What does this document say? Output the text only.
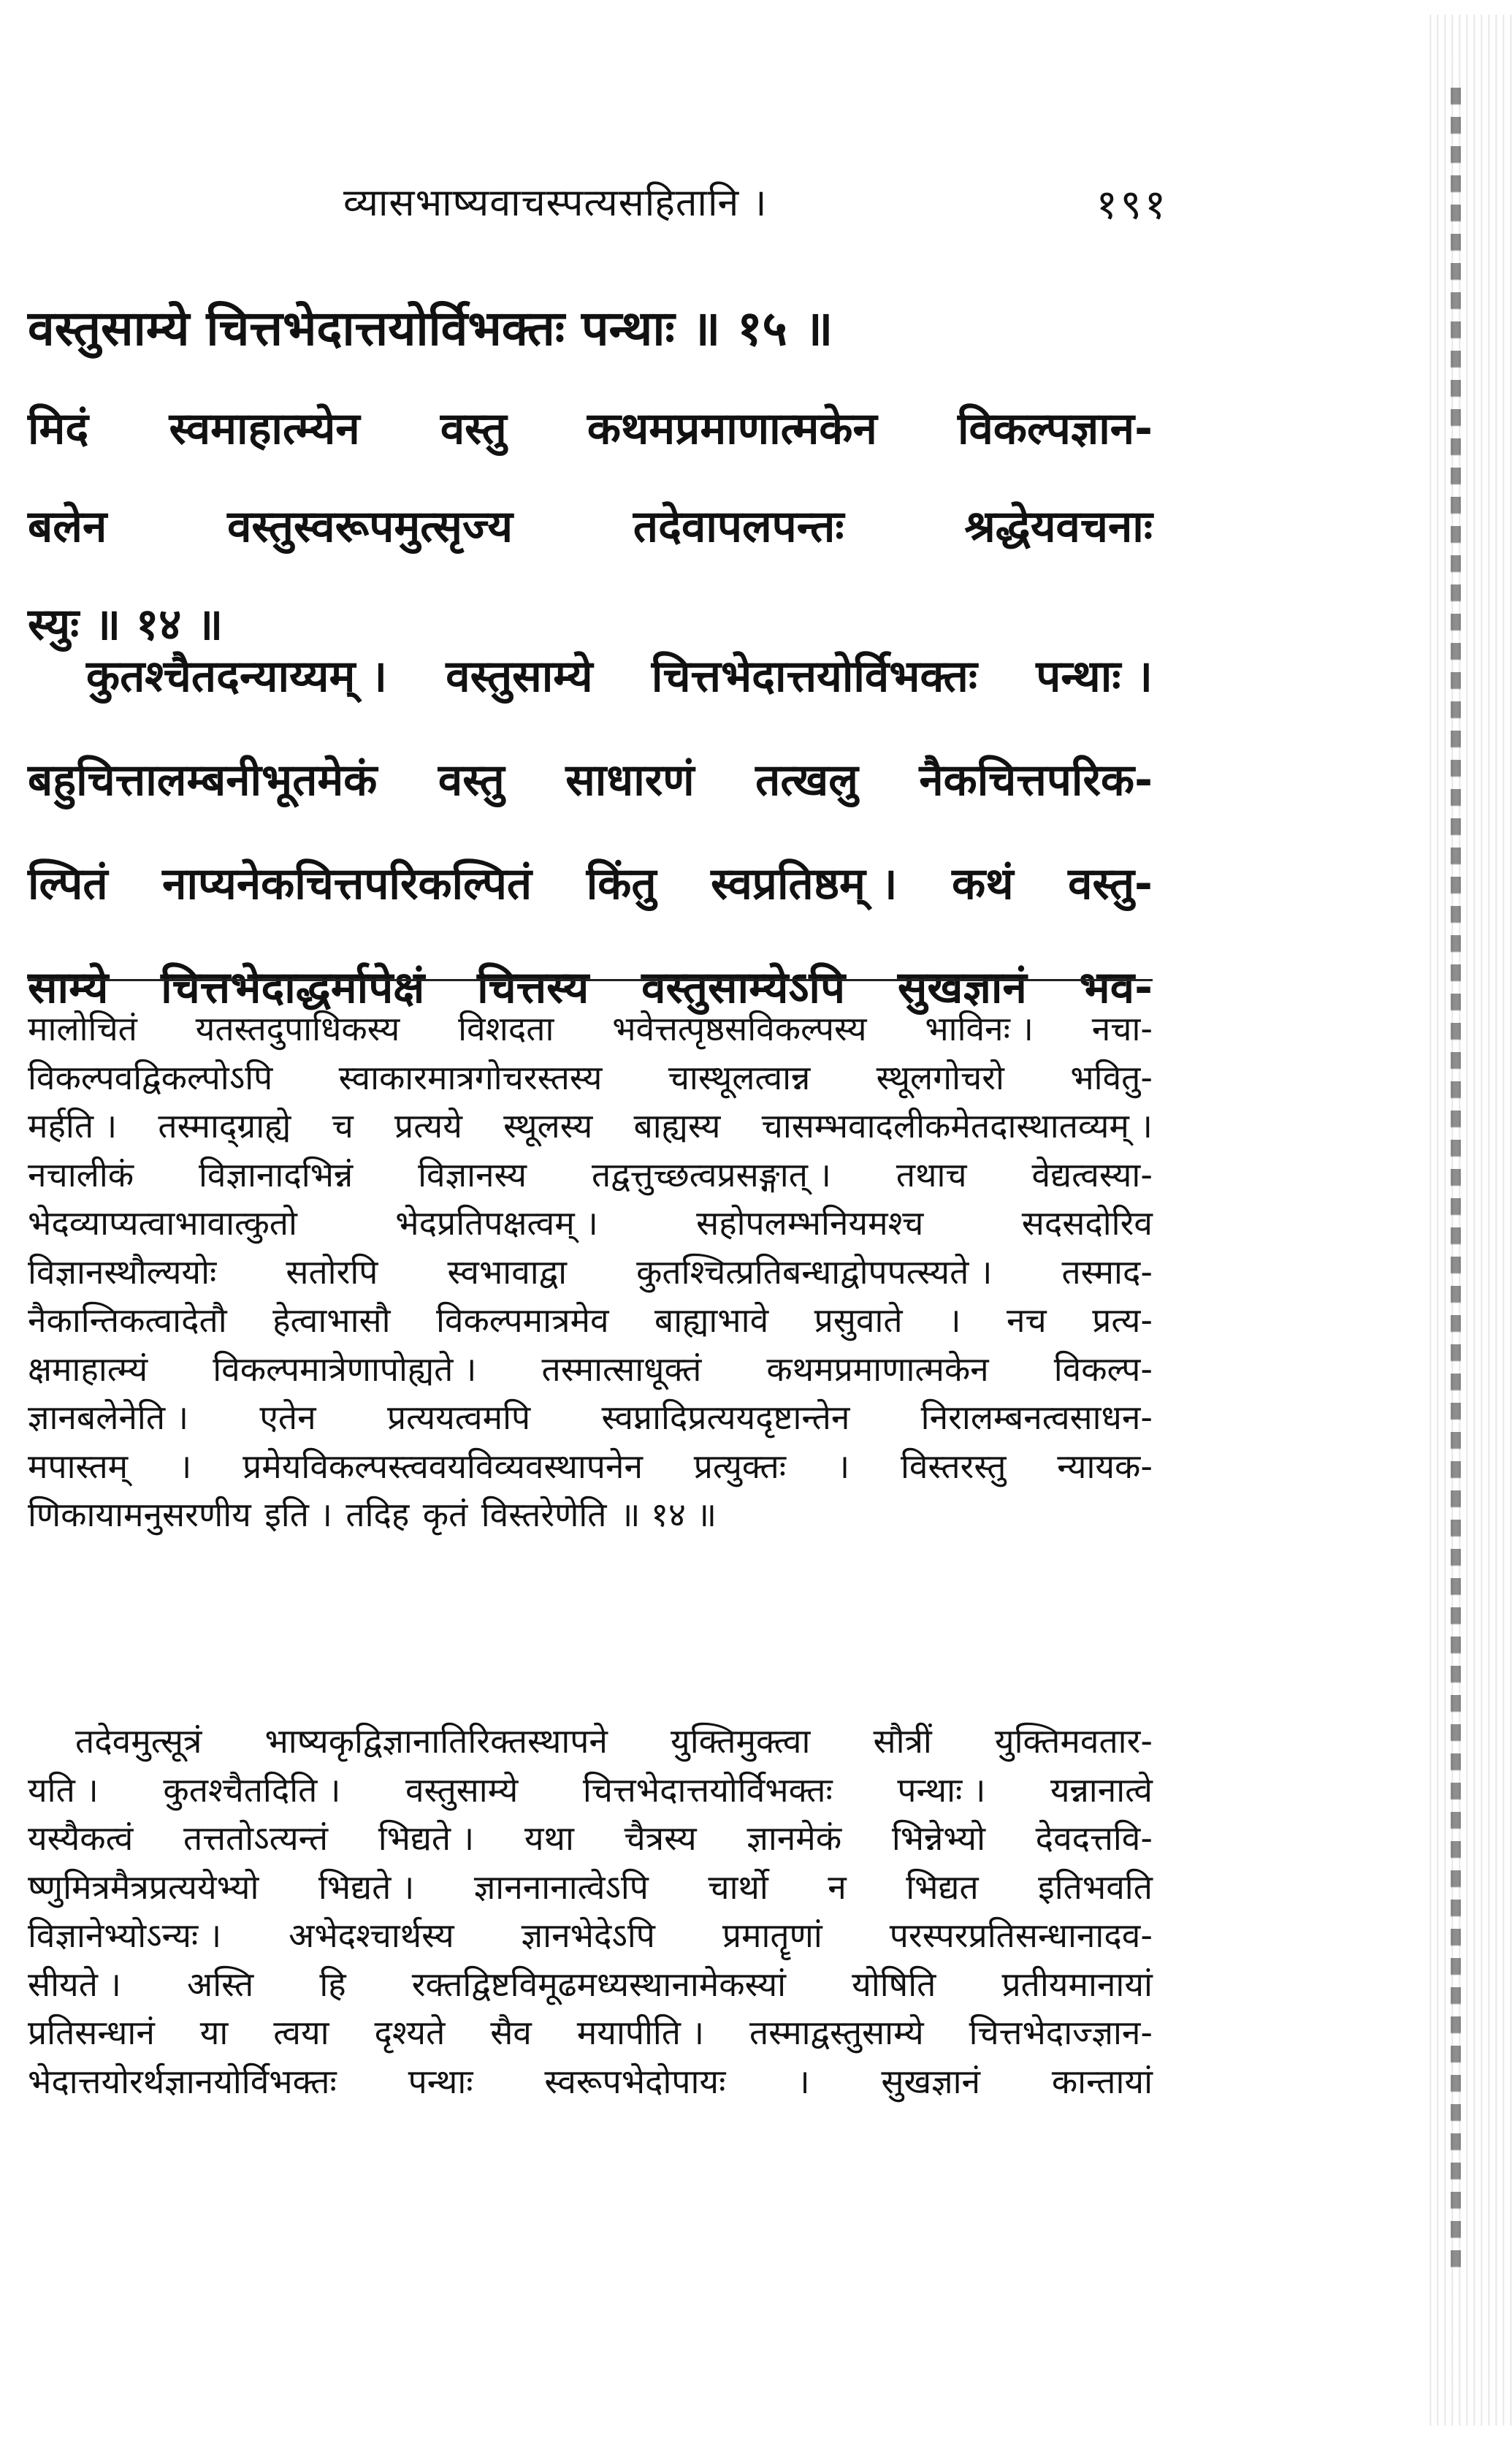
व्यासभाष्यवाचस्पत्यसहितानि ।	१९१
वस्तुसाम्ये चित्तभेदात्तयोर्विभक्तः पन्थाः ॥ १५ ॥
मिदं स्वमाहात्म्येन वस्तु कथमप्रमाणात्मकेन विकल्पज्ञान-
बलेन	वस्तुस्वरूपमुत्सृज्य	तदेवापलपन्तः	श्रद्धेयवचनाः
स्युः ॥ १४ ॥
कुतश्चैतदन्याय्यम् । वस्तुसाम्ये चित्तभेदात्तयोर्विभक्तः पन्थाः ।
बहुचित्तालम्बनीभूतमेकं वस्तु साधारणं तत्खलु नैकचित्तपरिक-
ल्पितं नाप्यनेकचित्तपरिकल्पितं किंतु स्वप्रतिष्ठम् । कथं वस्तु-
साम्ये चित्तभेदाद्धर्मापेक्षं चित्तस्य वस्तुसाम्येऽपि सुखज्ञानं भव-
मालोचितं यतस्तदुपाधिकस्य विशदता भवेत्तत्पृष्ठसविकल्पस्य भाविनः । नचा-
विकल्पवद्विकल्पोऽपि स्वाकारमात्रगोचरस्तस्य चास्थूलत्वान्न स्थूलगोचरो भवितु-
मर्हति । तस्माद्ग्राह्ये च प्रत्यये स्थूलस्य बाह्यस्य चासम्भवादलीकमेतदास्थातव्यम् ।
नचालीकं विज्ञानादभिन्नं विज्ञानस्य तद्वत्तुच्छत्वप्रसङ्गात् । तथाच वेद्यत्वस्या-
भेदव्याप्यत्वाभावात्कुतो	भेदप्रतिपक्षत्वम् ।	सहोपलम्भनियमश्च	सदसदोरिव
विज्ञानस्थौल्ययोः सतोरपि स्वभावाद्वा कुतश्चित्प्रतिबन्धाद्वोपपत्स्यते । तस्माद-
नैकान्तिकत्वादेतौ हेत्वाभासौ विकल्पमात्रमेव बाह्याभावे प्रसुवाते । नच प्रत्य-
क्षमाहात्म्यं विकल्पमात्रेणापोह्यते । तस्मात्साधूक्तं कथमप्रमाणात्मकेन विकल्प-
ज्ञानबलेनेति । एतेन प्रत्ययत्वमपि स्वप्नादिप्रत्ययदृष्टान्तेन निरालम्बनत्वसाधन-
मपास्तम् । प्रमेयविकल्पस्त्ववयविव्यवस्थापनेन प्रत्युक्तः । विस्तरस्तु न्यायक-
णिकायामनुसरणीय इति । तदिह कृतं विस्तरेणेति ॥ १४ ॥
तदेवमुत्सूत्रं भाष्यकृद्विज्ञानातिरिक्तस्थापने युक्तिमुक्त्वा सौत्रीं युक्तिमवतार-
यति । कुतश्चैतदिति । वस्तुसाम्ये चित्तभेदात्तयोर्विभक्तः पन्थाः । यन्नानात्वे
यस्यैकत्वं तत्ततोऽत्यन्तं भिद्यते । यथा चैत्रस्य ज्ञानमेकं भिन्नेभ्यो देवदत्तवि-
ष्णुमित्रमैत्रप्रत्ययेभ्यो भिद्यते । ज्ञाननानात्वेऽपि चार्थो न भिद्यत इतिभवति
विज्ञानेभ्योऽन्यः । अभेदश्चार्थस्य ज्ञानभेदेऽपि प्रमातॄणां परस्परप्रतिसन्धानादव-
सीयते । अस्ति हि रक्तद्विष्टविमूढमध्यस्थानामेकस्यां योषिति प्रतीयमानायां
प्रतिसन्धानं या त्वया दृश्यते सैव मयापीति । तस्माद्वस्तुसाम्ये चित्तभेदाज्ज्ञान-
भेदात्तयोरर्थज्ञानयोर्विभक्तः पन्थाः स्वरूपभेदोपायः । सुखज्ञानं कान्तायां
